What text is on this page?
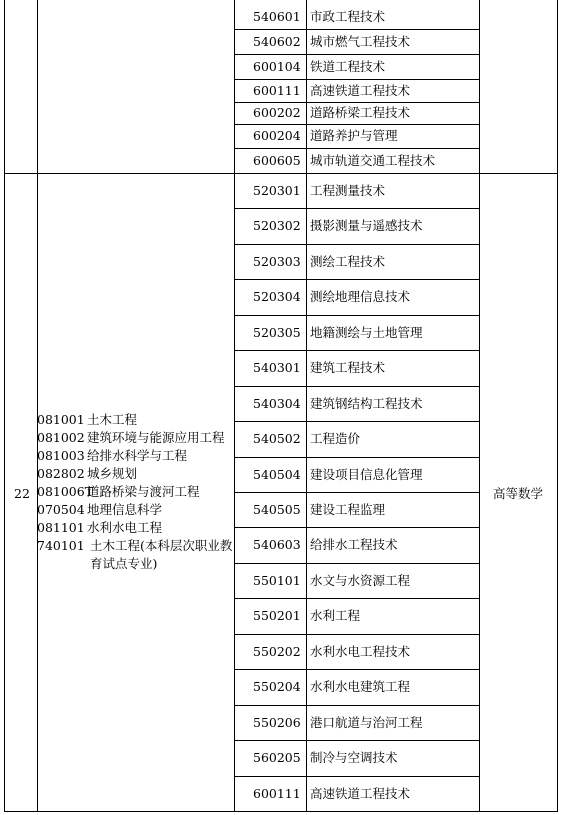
540601 市政工程技术
540602 城市燃气工程技术
600104 铁道工程技术
600111 高速铁道工程技术
600202 道路桥梁工程技术
600204 道路养护与管理
600605 城市轨道交通工程技术
22
081001 土木工程
081002 建筑环境与能源应用工程
081003 给排水科学与工程
082802 城乡规划
081006T
道路桥梁与渡河工程
070504 地理信息科学
081101 水利水电工程
740101 土木工程(本科层次职业教育试点专业)
520301 工程测量技术
520302 摄影测量与遥感技术
520303 测绘工程技术
520304 测绘地理信息技术
520305 地籍测绘与土地管理
540301 建筑工程技术
540304 建筑钢结构工程技术
540502 工程造价
540504 建设项目信息化管理
540505 建设工程监理
540603 给排水工程技术
550101 水文与水资源工程
550201 水利工程
550202 水利水电工程技术
550204 水利水电建筑工程
550206 港口航道与治河工程
560205 制冷与空调技术
600111 高速铁道工程技术
高等数学
